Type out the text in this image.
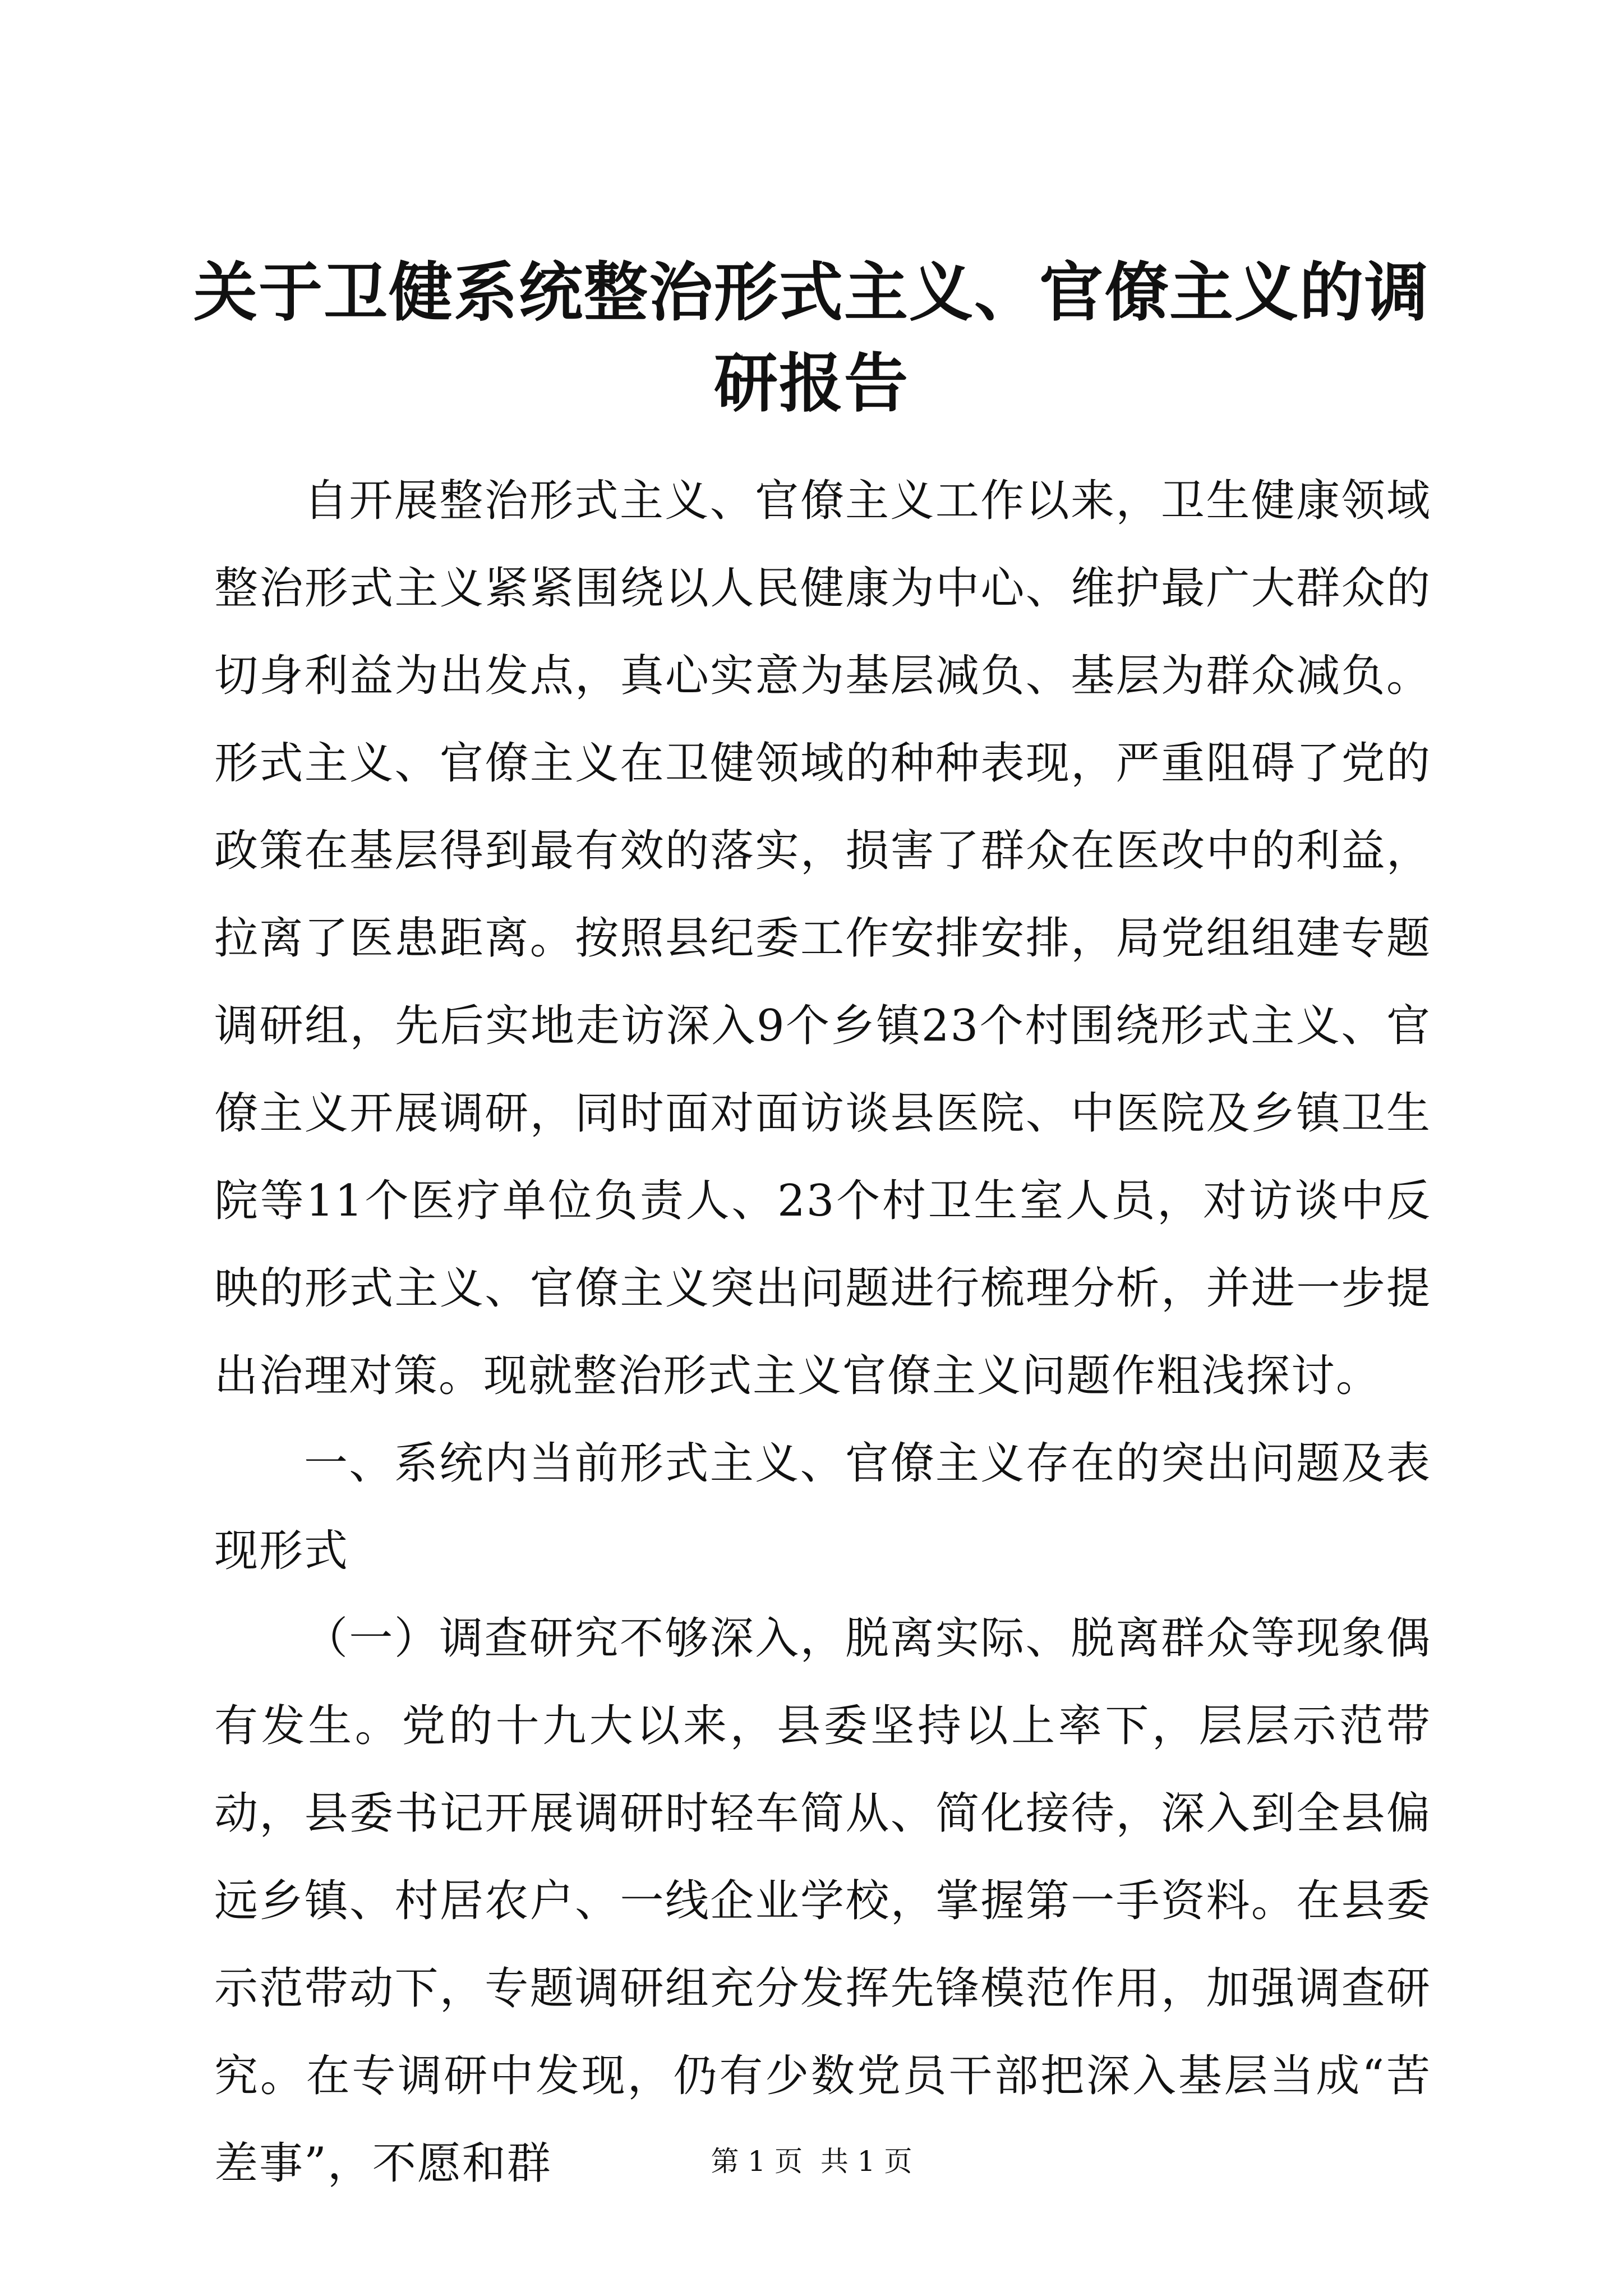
关于卫健系统整治形式主义、官僚主义的调研报告

自开展整治形式主义、官僚主义工作以来，卫生健康领域整治形式主义紧紧围绕以人民健康为中心、维护最广大群众的切身利益为出发点，真心实意为基层减负、基层为群众减负。形式主义、官僚主义在卫健领域的种种表现，严重阻碍了党的政策在基层得到最有效的落实，损害了群众在医改中的利益，拉离了医患距离。按照县纪委工作安排安排，局党组组建专题调研组，先后实地走访深入9个乡镇23个村围绕形式主义、官僚主义开展调研，同时面对面访谈县医院、中医院及乡镇卫生院等11个医疗单位负责人、23个村卫生室人员，对访谈中反映的形式主义、官僚主义突出问题进行梳理分析，并进一步提出治理对策。现就整治形式主义官僚主义问题作粗浅探讨。

一、系统内当前形式主义、官僚主义存在的突出问题及表现形式

（一）调查研究不够深入，脱离实际、脱离群众等现象偶有发生。党的十九大以来，县委坚持以上率下，层层示范带动，县委书记开展调研时轻车简从、简化接待，深入到全县偏远乡镇、村居农户、一线企业学校，掌握第一手资料。在县委示范带动下，专题调研组充分发挥先锋模范作用，加强调查研究。在专调研中发现，仍有少数党员干部把深入基层当成“苦差事”，不愿和群	第 1 页  共 1 页
